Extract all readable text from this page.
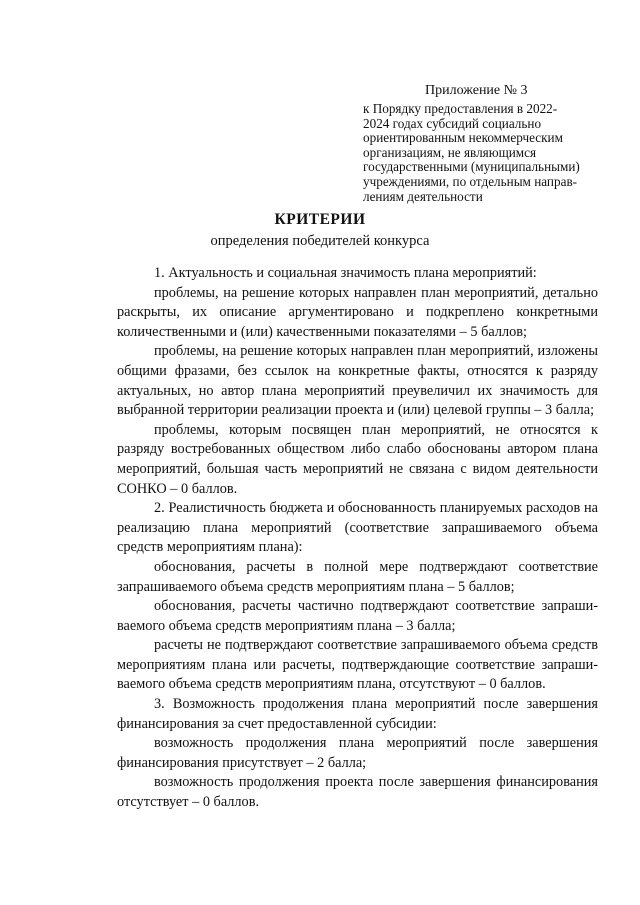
Приложение № 3
к Порядку предоставления в 2022-
2024 годах субсидий социально
ориентированным некоммерческим
организациям, не являющимся
государственными (муниципальными)
учреждениями, по отдельным направ-
лениям деятельности
КРИТЕРИИ
определения победителей конкурса

1. Актуальность и социальная значимость плана мероприятий:

проблемы, на решение которых направлен план мероприятий, детально раскрыты, их описание аргументировано и подкреплено конкретными количественными и (или) качественными показателями – 5 баллов;

проблемы, на решение которых направлен план мероприятий, изложены общими фразами, без ссылок на конкретные факты, относятся к разряду актуальных, но автор плана мероприятий преувеличил их значимость для выбранной территории реализации проекта и (или) целевой группы – 3 балла;

проблемы, которым посвящен план мероприятий, не относятся к разряду востребованных обществом либо слабо обоснованы автором плана мероприятий, большая часть мероприятий не связана с видом деятельности СОНКО – 0 баллов.

2. Реалистичность бюджета и обоснованность планируемых расходов на реализацию плана мероприятий (соответствие запрашиваемого объема средств мероприятиям плана):

обоснования, расчеты в полной мере подтверждают соответствие запрашиваемого объема средств мероприятиям плана – 5 баллов;

обоснования, расчеты частично подтверждают соответствие запраши-ваемого объема средств мероприятиям плана – 3 балла;

расчеты не подтверждают соответствие запрашиваемого объема средств мероприятиям плана или расчеты, подтверждающие соответствие запраши-ваемого объема средств мероприятиям плана, отсутствуют – 0 баллов.

3. Возможность продолжения плана мероприятий после завершения финансирования за счет предоставленной субсидии:

возможность продолжения плана мероприятий после завершения финансирования присутствует – 2 балла;

возможность продолжения проекта после завершения финансирования отсутствует – 0 баллов.
